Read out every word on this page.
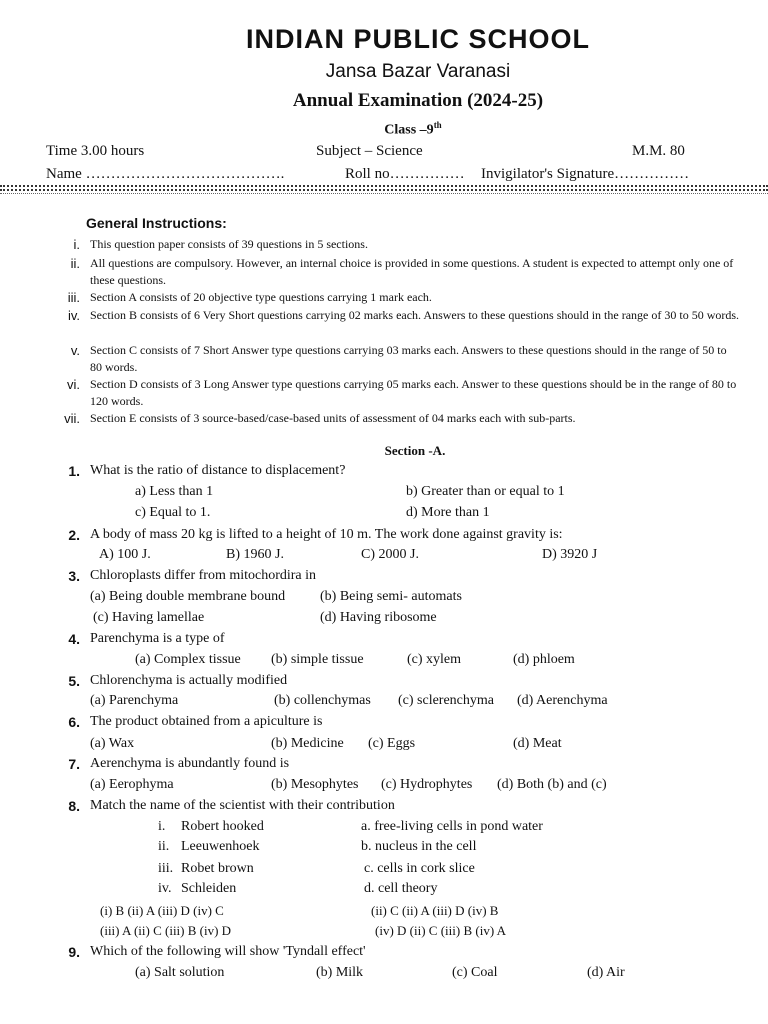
INDIAN PUBLIC SCHOOL
Jansa Bazar Varanasi
Annual Examination (2024-25)
Class –9th
Time 3.00 hours	Subject – Science	M.M. 80
Name ………………………………….	Roll no…………… Invigilator's Signature……………
General Instructions:
i. This question paper consists of 39 questions in 5 sections.
ii. All questions are compulsory. However, an internal choice is provided in some questions. A student is expected to attempt only one of these questions.
iii. Section A consists of 20 objective type questions carrying 1 mark each.
iv. Section B consists of 6 Very Short questions carrying 02 marks each. Answers to these questions should in the range of 30 to 50 words.
v. Section C consists of 7 Short Answer type questions carrying 03 marks each. Answers to these questions should in the range of 50 to 80 words.
vi. Section D consists of 3 Long Answer type questions carrying 05 marks each. Answer to these questions should be in the range of 80 to 120 words.
vii. Section E consists of 3 source-based/case-based units of assessment of 04 marks each with sub-parts.
Section -A.
1. What is the ratio of distance to displacement?
a) Less than 1	b) Greater than or equal to 1
c) Equal to 1.	d) More than 1
2. A body of mass 20 kg is lifted to a height of 10 m. The work done against gravity is:
A) 100 J.	B) 1960 J.	C) 2000 J.	D) 3920 J
3. Chloroplasts differ from mitochordira in
(a) Being double membrane bound (b) Being semi- automats
(c) Having lamellae	(d) Having ribosome
4. Parenchyma is a type of
(a) Complex tissue (b) simple tissue	(c) xylem	(d) phloem
5. Chlorenchyma is actually modified
(a) Parenchyma	(b) collenchymas (c) sclerenchyma (d) Aerenchyma
6. The product obtained from a apiculture is
(a) Wax	(b) Medicine (c) Eggs	(d) Meat
7. Aerenchyma is abundantly found is
(a) Eerophyma	(b) Mesophytes (c) Hydrophytes (d) Both (b) and (c)
8. Match the name of the scientist with their contribution
i. Robert hooked	a. free-living cells in pond water
ii. Leeuwenhoek	b. nucleus in the cell
iii. Robet brown	c. cells in cork slice
iv. Schleiden	d. cell theory
(i) B (ii) A (iii) D (iv) C	(ii) C (ii) A (iii) D (iv) B
(iii) A (ii) C (iii) B (iv) D	(iv) D (ii) C (iii) B (iv) A
9. Which of the following will show 'Tyndall effect'
(a) Salt solution	(b) Milk	(c) Coal	(d) Air
